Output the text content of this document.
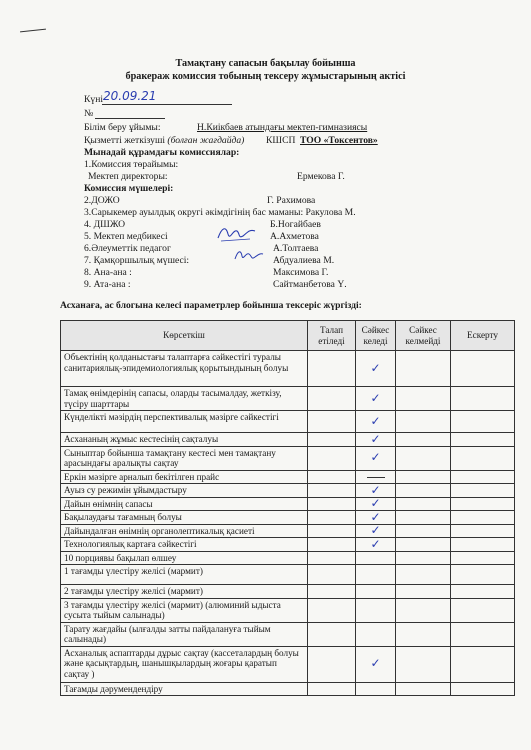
Тамақтану сапасын бақылау бойынша
бракераж комиссия тобының тексеру жұмыстарының актісі
Күні 20.09.21
№
Білім беру ұйымы:	Н.Киікбаев атындағы мектеп-гимназиясы
Қызметті жеткізуші (болған жағдайда) КШСП ТОО «Токсентов»
Мынадай құрамдағы комиссиялар:
1.Комиссия төрайымы:
Мектеп директоры:	Ермекова Г.
Комиссия мүшелері:
2.ДОЖО	Г. Рахимова
3.Сарыкемер ауылдық округі әкімдігінің бас маманы: Ракулова М.
4. ДШЖО	Б.Ногайбаев
5. Мектеп медбикесі	А.Ахметова
6.Әлеуметтік педагог	А.Толтаева
7. Қамқоршылық мүшесі:	Абдуалиева М.
8. Ана-ана :	Максимова Г.
9. Ата-ана :	Сайтманбетова Ү.
Асханаға, ас блогына келесі параметрлер бойынша тексеріс жүргізді:
Көрсеткіш	Талап етіледі	Сәйкес келеді	Сәйкес келмейді	Ескерту
Объектінің қолданыстағы талаптарға сәйкестігі туралы санитариялық-эпидемиологиялық қорытындының болуы		✓		
Тамақ өнімдерінің сапасы, оларды тасымалдау, жеткізу, түсіру шарттары		✓		
Күнделікті мәзірдің перспективалық мәзірге сәйкестігі		✓		
Асхананың жұмыс кестесінің сақталуы		✓		
Сыныптар бойынша тамақтану кестесі мен тамақтану арасындағы аралықты сақтау		✓		
Еркін мәзірге арналып бекітілген прайс				
Ауыз су режимін ұйымдастыру		✓		
Дайын өнімнің сапасы		✓		
Бақылаудағы тағамның болуы		✓		
Дайындалған өнімнің органолептикалық қасиеті		✓		
Технологиялық картаға сәйкестігі		✓		
10 порциявы бақылап өлшеу				
1 тағамды үлестіру желісі (мармит)				
2 тағамды үлестіру желісі (мармит)				
3 тағамды үлестіру желісі (мармит) (алюминий ыдыста сусыта тыйым салынады)				
Тарату жағдайы (ылғалды затты пайдалануға тыйым салынады)				
Асханалық аспаптарды дұрыс сақтау (кассеталардың болуы және қасықтардың, шанышқылардың жоғары қаратып сақтау )		✓		
Тағамды дәрумендендіру				
